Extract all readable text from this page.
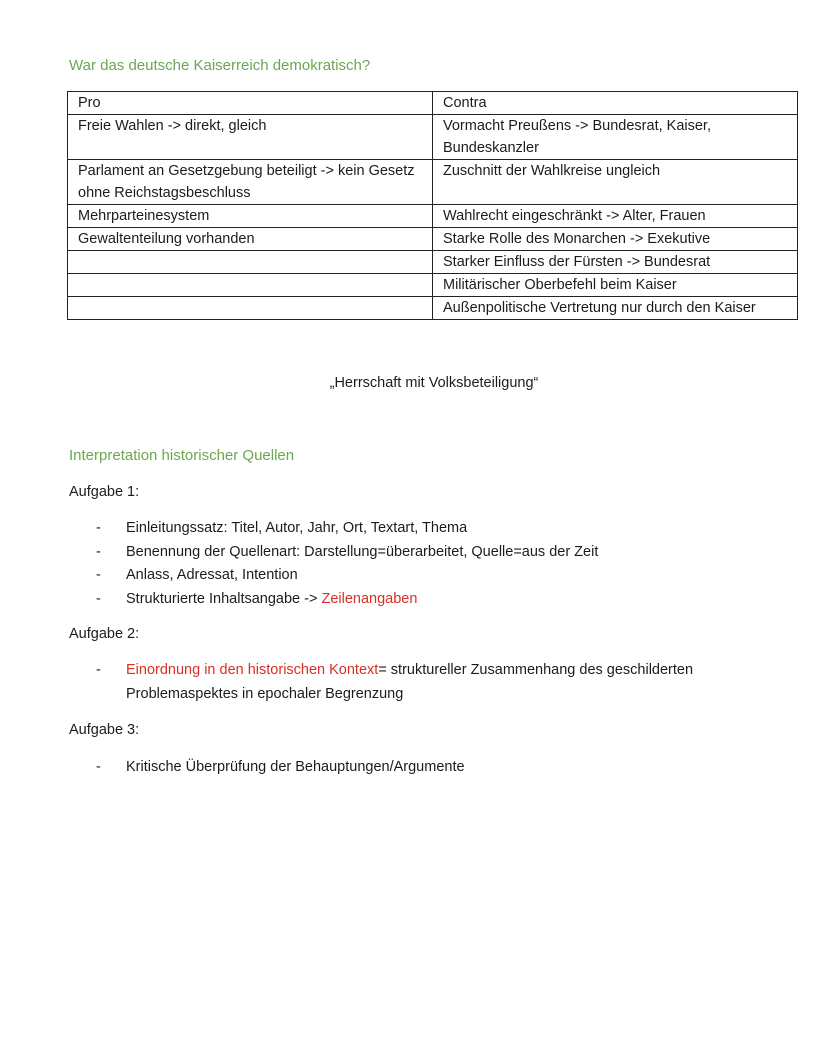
War das deutsche Kaiserreich demokratisch?
Pro	Contra
Freie Wahlen -> direkt, gleich	Vormacht Preußens -> Bundesrat, Kaiser, Bundeskanzler
Parlament an Gesetzgebung beteiligt -> kein Gesetz ohne Reichstagsbeschluss	Zuschnitt der Wahlkreise ungleich
Mehrparteinesystem	Wahlrecht eingeschränkt -> Alter, Frauen
Gewaltenteilung vorhanden	Starke Rolle des Monarchen -> Exekutive
	Starker Einfluss der Fürsten -> Bundesrat
	Militärischer Oberbefehl beim Kaiser
	Außenpolitische Vertretung nur durch den Kaiser
„Herrschaft mit Volksbeteiligung“
Interpretation historischer Quellen
Aufgabe 1:
- Einleitungssatz: Titel, Autor, Jahr, Ort, Textart, Thema
- Benennung der Quellenart: Darstellung=überarbeitet, Quelle=aus der Zeit
- Anlass, Adressat, Intention
- Strukturierte Inhaltsangabe -> Zeilenangaben
Aufgabe 2:
- Einordnung in den historischen Kontext= struktureller Zusammenhang des geschilderten Problemaspektes in epochaler Begrenzung
Aufgabe 3:
- Kritische Überprüfung der Behauptungen/Argumente
